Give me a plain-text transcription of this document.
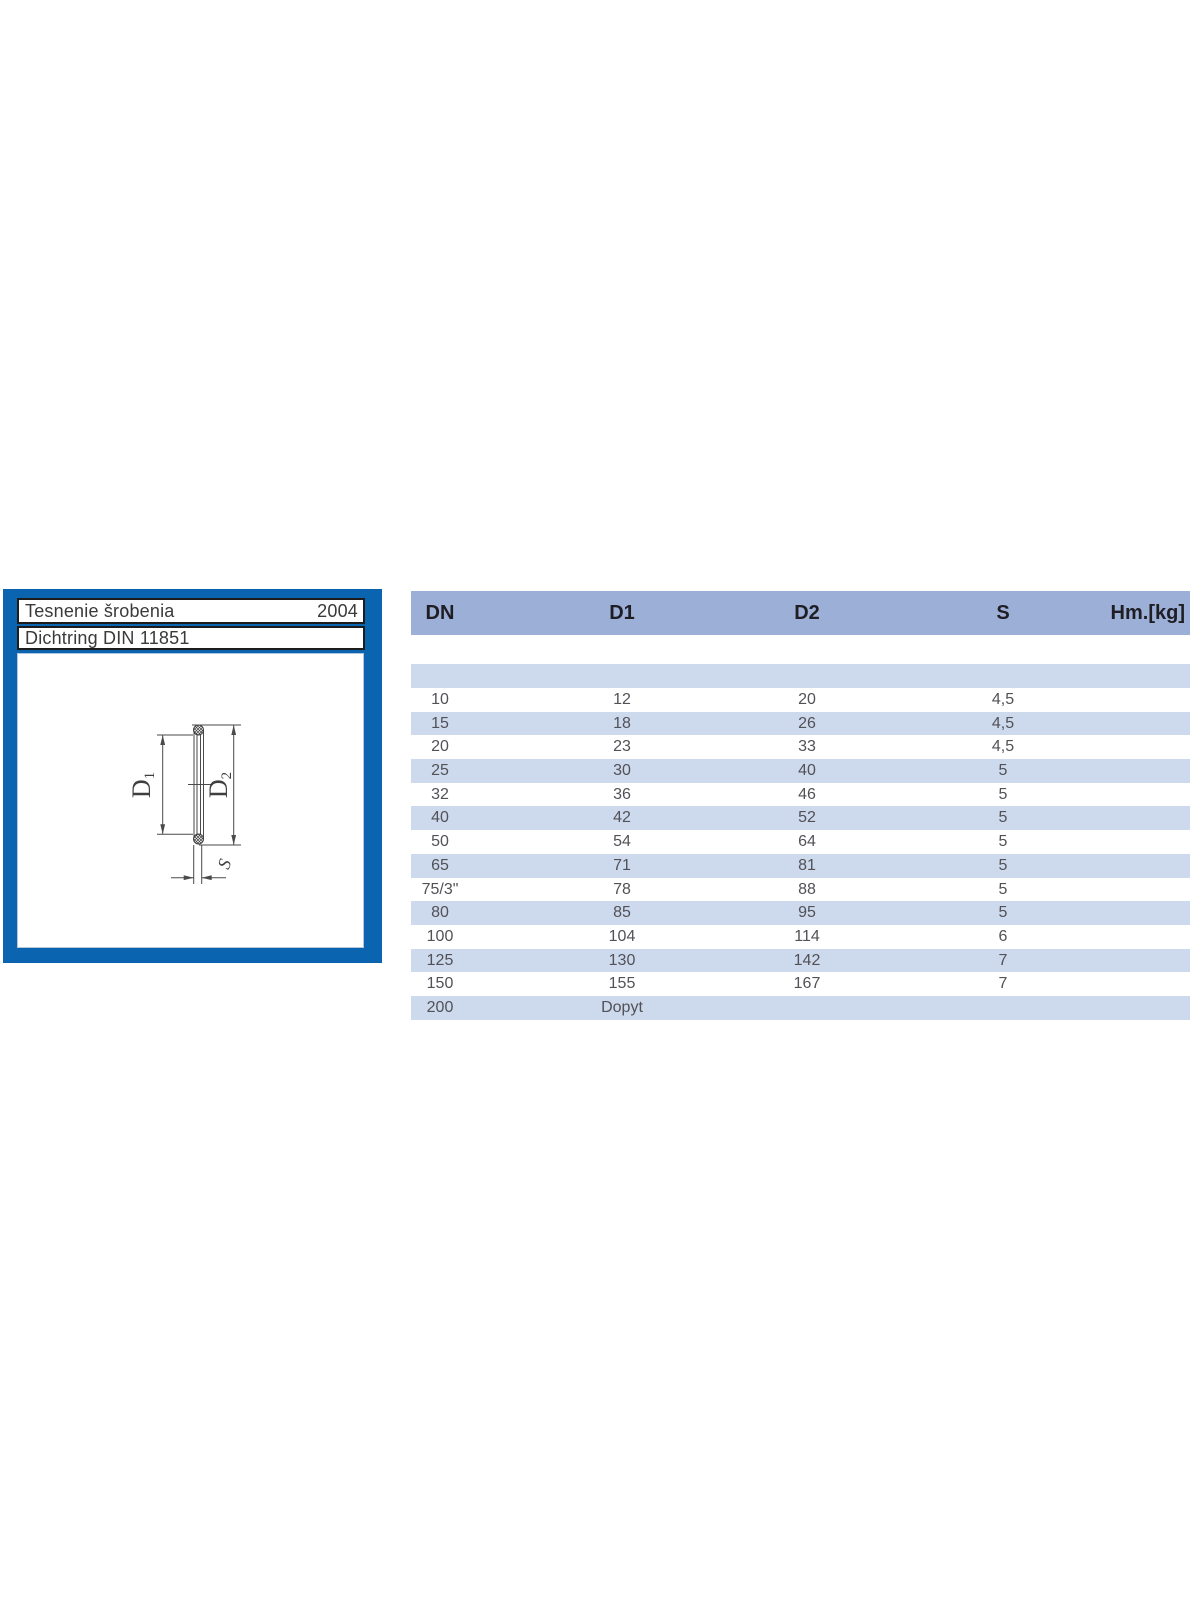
Tesnenie šrobenia	2004
Dichtring DIN 11851
D1
D2
S
DN	D1	D2	S	Hm.[kg]
10	12	20	4,5
15	18	26	4,5
20	23	33	4,5
25	30	40	5
32	36	46	5
40	42	52	5
50	54	64	5
65	71	81	5
75/3"	78	88	5
80	85	95	5
100	104	114	6
125	130	142	7
150	155	167	7
200	Dopyt
